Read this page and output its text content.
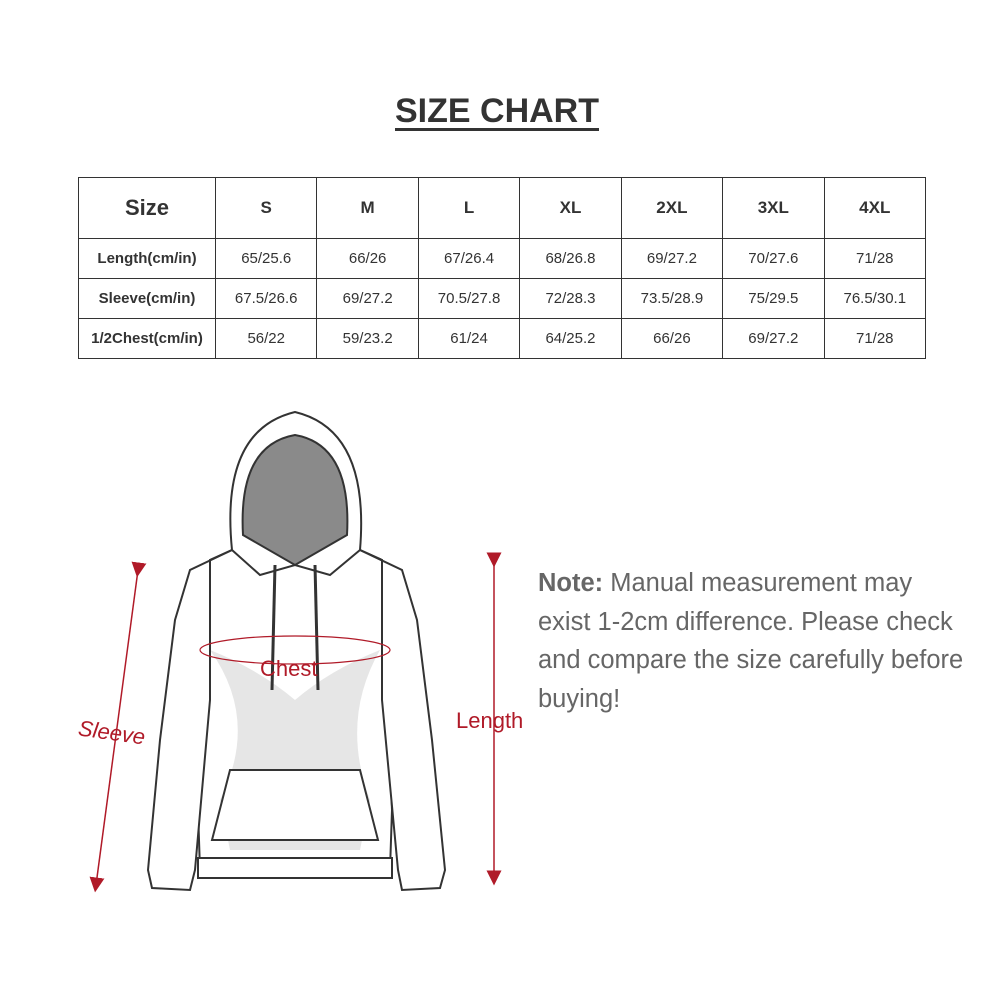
SIZE CHART
Size	S	M	L	XL	2XL	3XL	4XL
Length(cm/in)	65/25.6	66/26	67/26.4	68/26.8	69/27.2	70/27.6	71/28
Sleeve(cm/in)	67.5/26.6	69/27.2	70.5/27.8	72/28.3	73.5/28.9	75/29.5	76.5/30.1
1/2Chest(cm/in)	56/22	59/23.2	61/24	64/25.2	66/26	69/27.2	71/28
Chest
Sleeve	Length
Note: Manual measurement may exist 1-2cm difference. Please check and compare the size carefully before buying!
